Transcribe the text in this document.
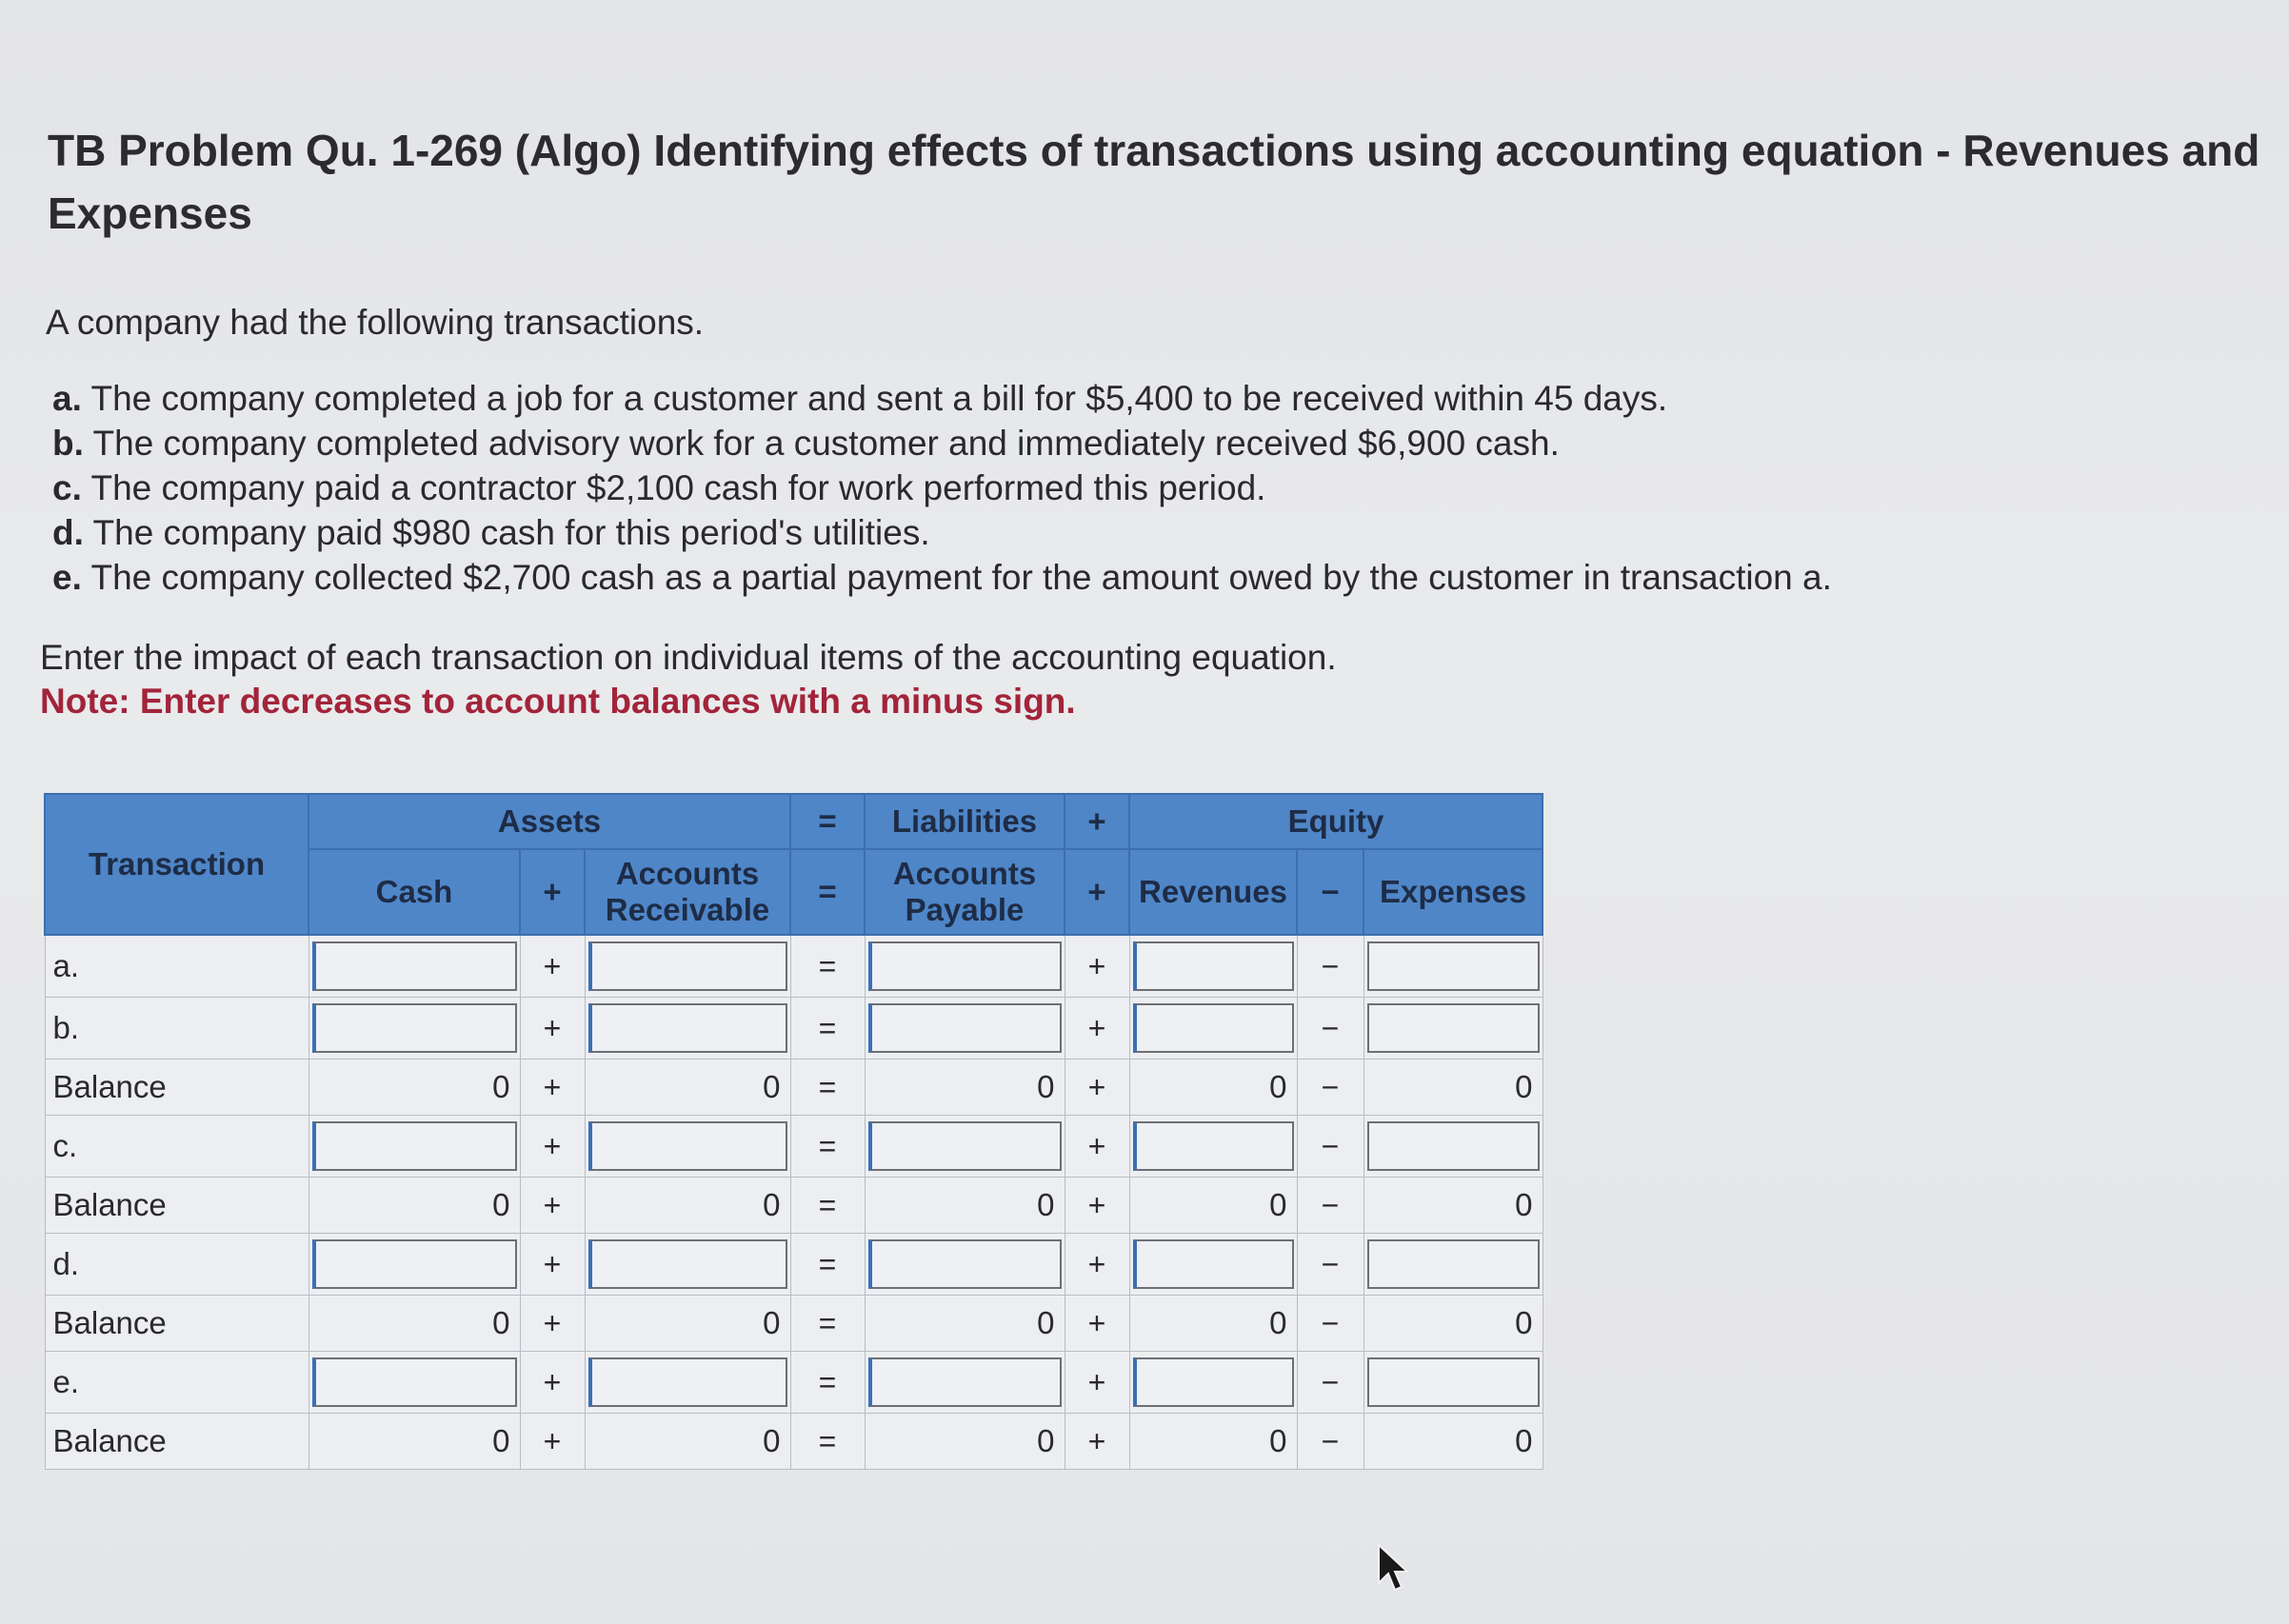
TB Problem Qu. 1-269 (Algo) Identifying effects of transactions using accounting equation - Revenues and Expenses

A company had the following transactions.

a. The company completed a job for a customer and sent a bill for $5,400 to be received within 45 days.
b. The company completed advisory work for a customer and immediately received $6,900 cash.
c. The company paid a contractor $2,100 cash for work performed this period.
d. The company paid $980 cash for this period's utilities.
e. The company collected $2,700 cash as a partial payment for the amount owed by the customer in transaction a.

Enter the impact of each transaction on individual items of the accounting equation.

Note: Enter decreases to account balances with a minus sign.

Transaction	Assets			=	Liabilities	+	Equity		
	Cash	+	Accounts Receivable	=	Accounts Payable	+	Revenues	−	Expenses
a.		+		=		+		−	

b.		+		=		+		−	

Balance	0	+	0	=	0	+	0	−	0
c.		+		=		+		−	

Balance	0	+	0	=	0	+	0	−	0
d.		+		=		+		−	

Balance	0	+	0	=	0	+	0	−	0
e.		+		=		+		−	

Balance	0	+	0	=	0	+	0	−	0
